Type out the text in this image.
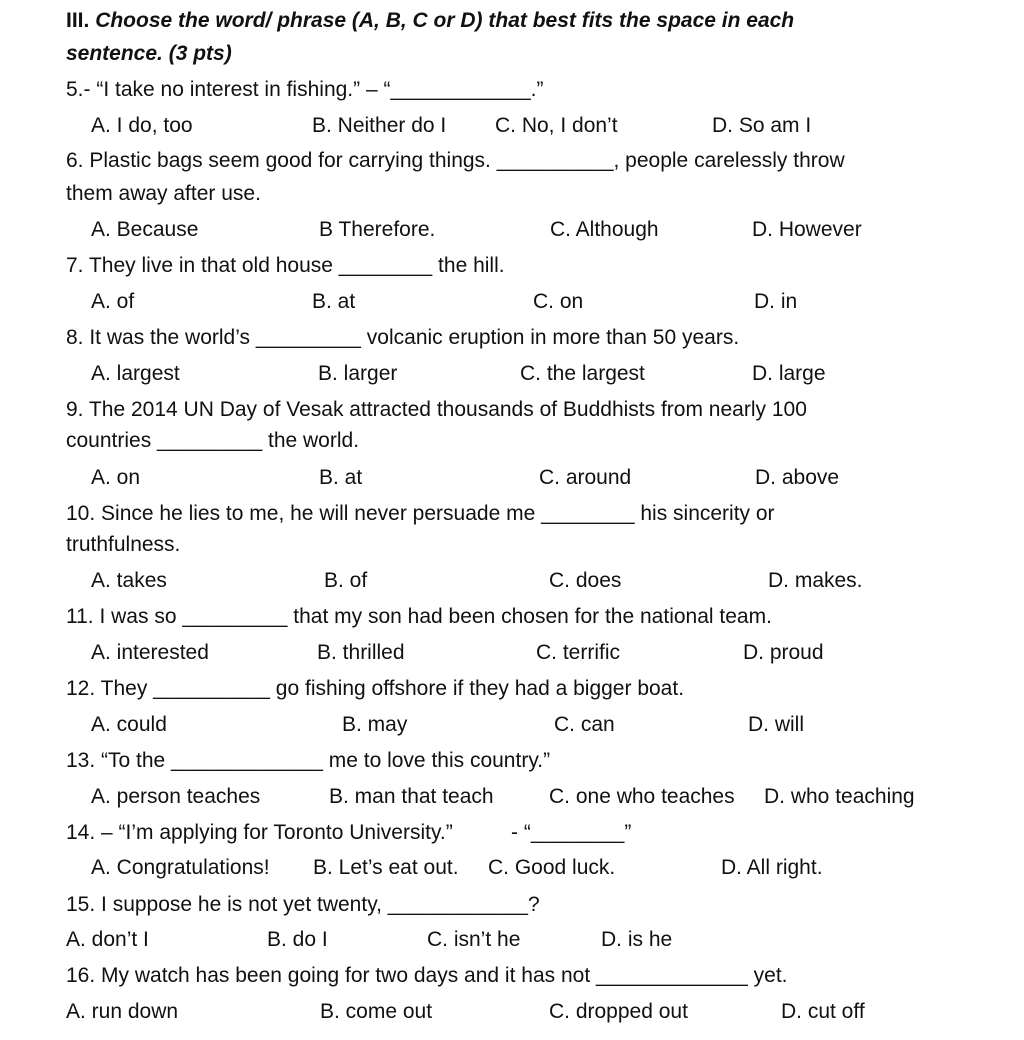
III. Choose the word/ phrase (A, B, C or D) that best fits the space in each
sentence. (3 pts)
5.- “I take no interest in fishing.” – “____________.”
A. I do, too	B. Neither do I C. No, I don’t	D. So am I
6. Plastic bags seem good for carrying things. __________, people carelessly throw
them away after use.
A. Because	B Therefore.	C. Although	D. However
7. They live in that old house ________ the hill.
A. of	B. at	C. on	D. in
8. It was the world’s _________ volcanic eruption in more than 50 years.
A. largest	B. larger	C. the largest	D. large
9. The 2014 UN Day of Vesak attracted thousands of Buddhists from nearly 100
countries _________ the world.
A. on	B. at	C. around	D. above
10. Since he lies to me, he will never persuade me ________ his sincerity or
truthfulness.
A. takes	B. of	C. does	D. makes.
11. I was so _________ that my son had been chosen for the national team.
A. interested	B. thrilled	C. terrific	D. proud
12. They __________ go fishing offshore if they had a bigger boat.
A. could	B. may	C. can	D. will
13. “To the _____________ me to love this country.”
A. person teaches	B. man that teach	C. one who teaches D. who teaching
14. – “I’m applying for Toronto University.”          - “________”
A. Congratulations! B. Let’s eat out. C. Good luck.	D. All right.
15. I suppose he is not yet twenty, ____________?
A. don’t I	B. do I	C. isn’t he	D. is he
16. My watch has been going for two days and it has not _____________ yet.
A. run down	B. come out	C. dropped out	D. cut off
